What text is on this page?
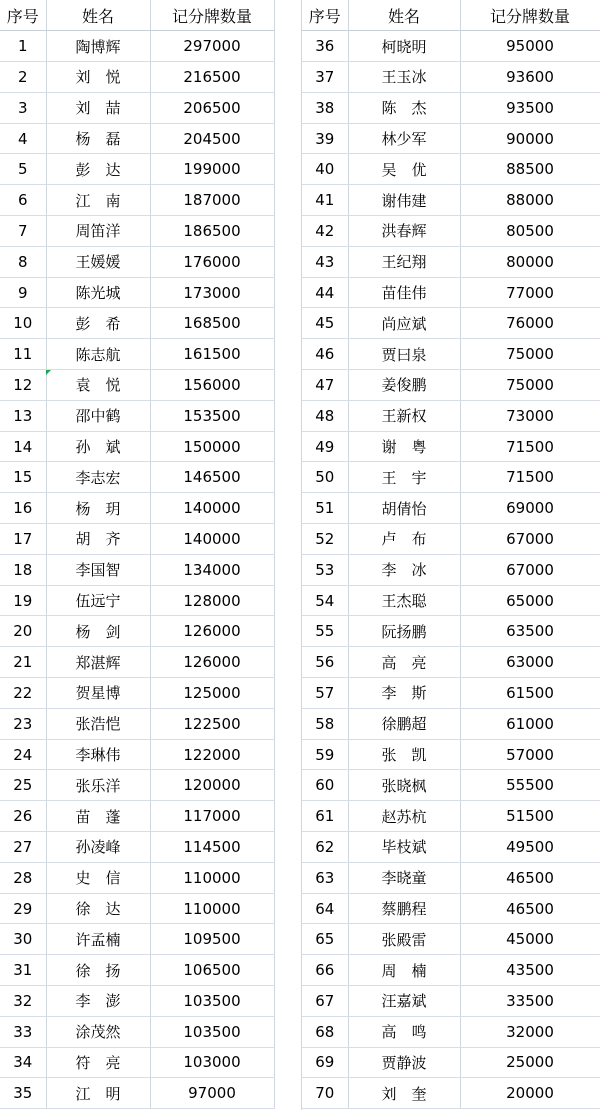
序号	姓名	记分牌数量
1	陶博辉	297000
2	刘　悦	216500
3	刘　喆	206500
4	杨　磊	204500
5	彭　达	199000
6	江　南	187000
7	周笛洋	186500
8	王媛媛	176000
9	陈光城	173000
10	彭　希	168500
11	陈志航	161500
12	袁　悦	156000
13	邵中鹤	153500
14	孙　斌	150000
15	李志宏	146500
16	杨　玥	140000
17	胡　齐	140000
18	李国智	134000
19	伍远宁	128000
20	杨　剑	126000
21	郑湛辉	126000
22	贺星博	125000
23	张浩恺	122500
24	李琳伟	122000
25	张乐洋	120000
26	苗　蓬	117000
27	孙凌峰	114500
28	史　信	110000
29	徐　达	110000
30	许孟楠	109500
31	徐　扬	106500
32	李　澎	103500
33	涂茂然	103500
34	符　亮	103000
35	江　明	97000
序号	姓名	记分牌数量
36	柯晓明	95000
37	王玉冰	93600
38	陈　杰	93500
39	林少军	90000
40	吴　优	88500
41	谢伟建	88000
42	洪春辉	80500
43	王纪翔	80000
44	苗佳伟	77000
45	尚应斌	76000
46	贾曰泉	75000
47	姜俊鹏	75000
48	王新权	73000
49	谢　粤	71500
50	王　宇	71500
51	胡倩怡	69000
52	卢　布	67000
53	李　冰	67000
54	王杰聪	65000
55	阮扬鹏	63500
56	高　亮	63000
57	李　斯	61500
58	徐鹏超	61000
59	张　凯	57000
60	张晓枫	55500
61	赵苏杭	51500
62	毕枝斌	49500
63	李晓童	46500
64	蔡鹏程	46500
65	张殿雷	45000
66	周　楠	43500
67	汪嘉斌	33500
68	高　鸣	32000
69	贾静波	25000
70	刘　奎	20000
